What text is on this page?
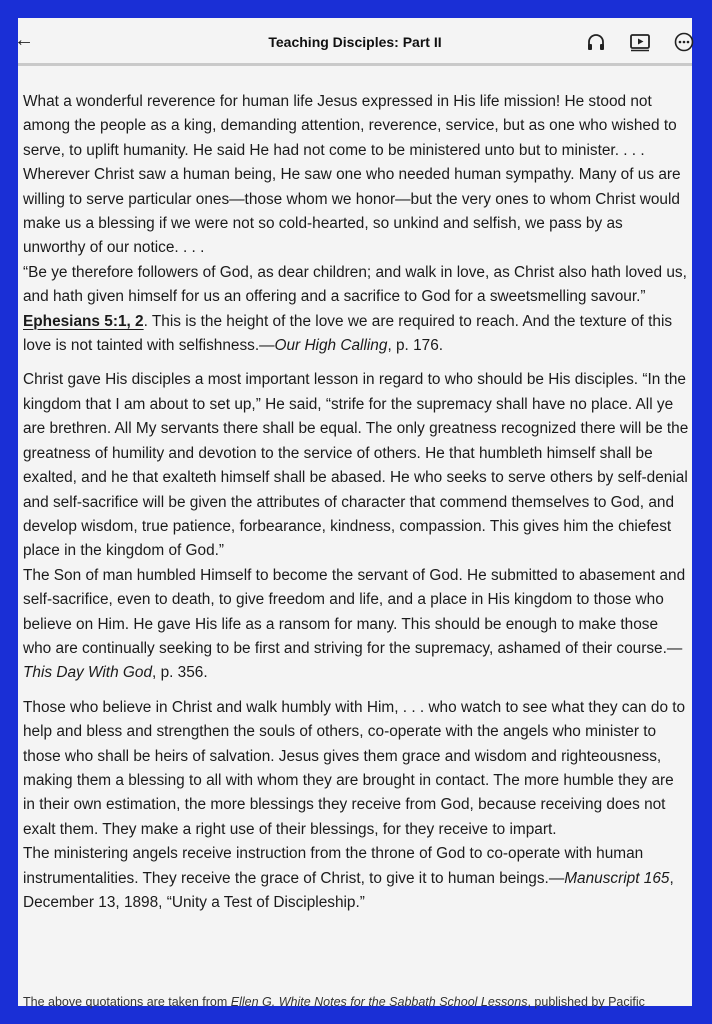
←	Teaching Disciples: Part II

What a wonderful reverence for human life Jesus expressed in His life mission! He stood not among the people as a king, demanding attention, reverence, service, but as one who wished to serve, to uplift humanity. He said He had not come to be ministered unto but to minister. . . . Wherever Christ saw a human being, He saw one who needed human sympathy. Many of us are willing to serve particular ones—those whom we honor—but the very ones to whom Christ would make us a blessing if we were not so cold-hearted, so unkind and selfish, we pass by as unworthy of our notice. . . .

“Be ye therefore followers of God, as dear children; and walk in love, as Christ also hath loved us, and hath given himself for us an offering and a sacrifice to God for a sweetsmelling savour.” Ephesians 5:1, 2. This is the height of the love we are required to reach. And the texture of this love is not tainted with selfishness.—Our High Calling, p. 176.

Christ gave His disciples a most important lesson in regard to who should be His disciples. “In the kingdom that I am about to set up,” He said, “strife for the supremacy shall have no place. All ye are brethren. All My servants there shall be equal. The only greatness recognized there will be the greatness of humility and devotion to the service of others. He that humbleth himself shall be exalted, and he that exalteth himself shall be abased. He who seeks to serve others by self-denial and self-sacrifice will be given the attributes of character that commend themselves to God, and develop wisdom, true patience, forbearance, kindness, compassion. This gives him the chiefest place in the kingdom of God.”

The Son of man humbled Himself to become the servant of God. He submitted to abasement and self-sacrifice, even to death, to give freedom and life, and a place in His kingdom to those who believe on Him. He gave His life as a ransom for many. This should be enough to make those who are continually seeking to be first and striving for the supremacy, ashamed of their course.—This Day With God, p. 356.

Those who believe in Christ and walk humbly with Him, . . . who watch to see what they can do to help and bless and strengthen the souls of others, co-operate with the angels who minister to those who shall be heirs of salvation. Jesus gives them grace and wisdom and righteousness, making them a blessing to all with whom they are brought in contact. The more humble they are in their own estimation, the more blessings they receive from God, because receiving does not exalt them. They make a right use of their blessings, for they receive to impart.

The ministering angels receive instruction from the throne of God to co-operate with human instrumentalities. They receive the grace of Christ, to give it to human beings.—Manuscript 165, December 13, 1898, “Unity a Test of Discipleship.”

The above quotations are taken from Ellen G. White Notes for the Sabbath School Lessons, published by Pacific
